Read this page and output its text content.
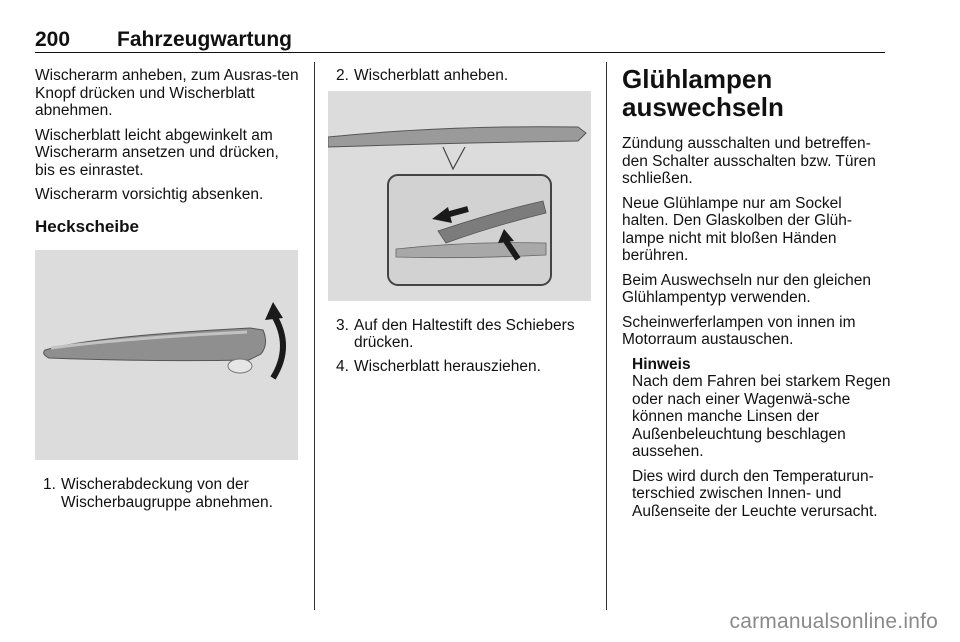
200 Fahrzeugwartung

Wischerarm anheben, zum Ausras-ten Knopf drücken und Wischerblatt abnehmen.

Wischerblatt leicht abgewinkelt am Wischerarm ansetzen und drücken, bis es einrastet.

Wischerarm vorsichtig absenken.

Heckscheibe
1. Wischerabdeckung von der Wischerbaugruppe abnehmen.
2. Wischerblatt anheben.
3. Auf den Haltestift des Schiebers drücken.
4. Wischerblatt herausziehen.
Glühlampen auswechseln

Zündung ausschalten und betreffen-den Schalter ausschalten bzw. Türen schließen.

Neue Glühlampe nur am Sockel halten. Den Glaskolben der Glüh-lampe nicht mit bloßen Händen berühren.

Beim Auswechseln nur den gleichen Glühlampentyp verwenden.

Scheinwerferlampen von innen im Motorraum austauschen.

Hinweis

Nach dem Fahren bei starkem Regen oder nach einer Wagenwä-sche können manche Linsen der Außenbeleuchtung beschlagen aussehen.

Dies wird durch den Temperaturun-terschied zwischen Innen- und Außenseite der Leuchte verursacht.

carmanualsonline.info
